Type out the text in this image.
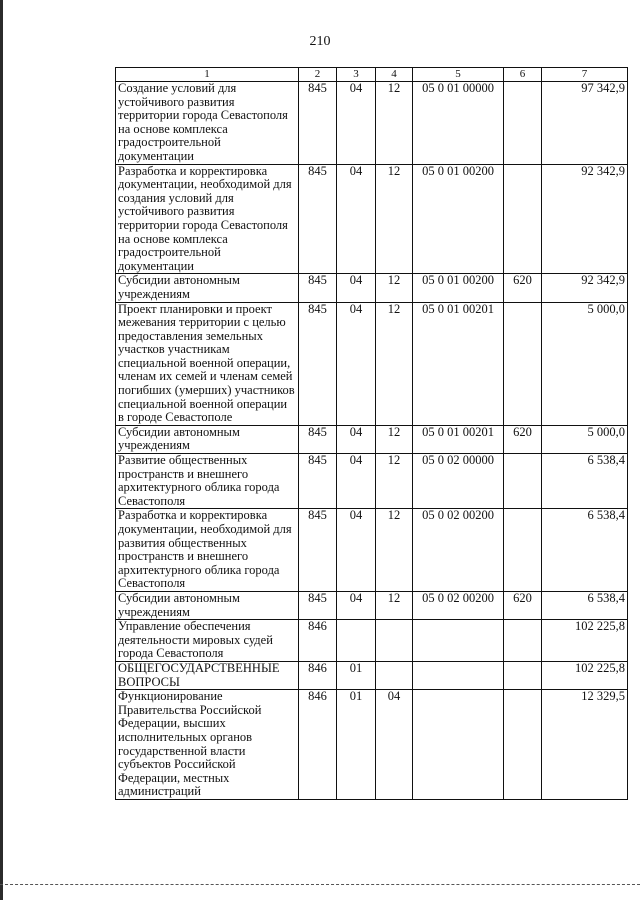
210
1	2	3	4	5	6	7
Создание условий для устойчивого развития территории города Севастополя на основе комплекса градостроительной документации	845	04	12	05 0 01 00000		97 342,9
Разработка и корректировка документации, необходимой для создания условий для устойчивого развития территории города Севастополя на основе комплекса градостроительной документации	845	04	12	05 0 01 00200		92 342,9
Субсидии автономным учреждениям	845	04	12	05 0 01 00200	620	92 342,9
Проект планировки и проект межевания территории с целью предоставления земельных участков участникам специальной военной операции, членам их семей и членам семей погибших (умерших) участников специальной военной операции в городе Севастополе	845	04	12	05 0 01 00201		5 000,0
Субсидии автономным учреждениям	845	04	12	05 0 01 00201	620	5 000,0
Развитие общественных пространств и внешнего архитектурного облика города Севастополя	845	04	12	05 0 02 00000		6 538,4
Разработка и корректировка документации, необходимой для развития общественных пространств и внешнего архитектурного облика города Севастополя	845	04	12	05 0 02 00200		6 538,4
Субсидии автономным учреждениям	845	04	12	05 0 02 00200	620	6 538,4
Управление обеспечения деятельности мировых судей города Севастополя	846					102 225,8
ОБЩЕГОСУДАРСТВЕННЫЕ ВОПРОСЫ	846	01				102 225,8
Функционирование Правительства Российской Федерации, высших исполнительных органов государственной власти субъектов Российской Федерации, местных администраций	846	01	04			12 329,5
